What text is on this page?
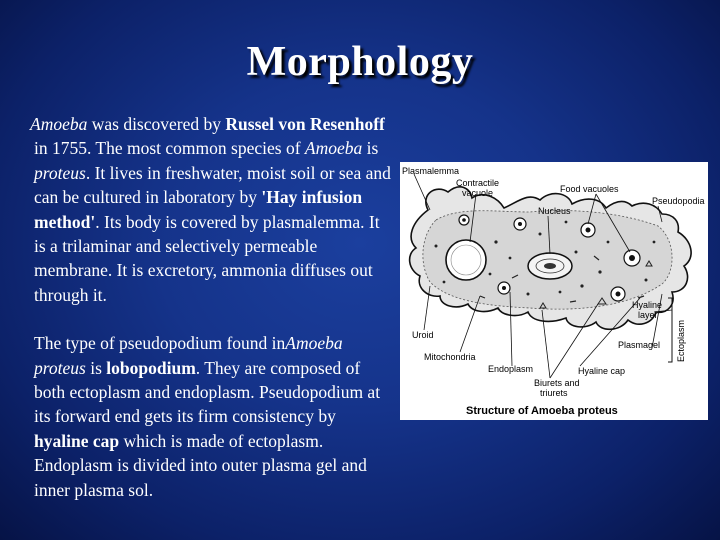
Morphology

Amoeba was discovered by Russel von Resenhoff in 1755. The most common species of Amoeba is proteus. It lives in freshwater, moist soil or sea and can be cultured in laboratory by 'Hay infusion method'. Its body is covered by plasmalemma. It is a trilaminar and selectively permeable membrane. It is excretory, ammonia diffuses out through it.

The type of pseudopodium found inAmoeba proteus is lobopodium. They are composed of both ectoplasm and endoplasm. Pseudopodium at its forward end gets its firm consistency by hyaline cap which is made of ectoplasm. Endoplasm is divided into outer plasma gel and inner plasma sol.

Plasmalemma
Contractile
vacuole	Food vacuoles
Nucleus
Pseudopodia
Hyaline
layer
Ectoplasm
Plasmagel
Uroid
Mitochondria
Endoplasm	Hyaline cap
Biurets and
triurets
Structure of Amoeba proteus
